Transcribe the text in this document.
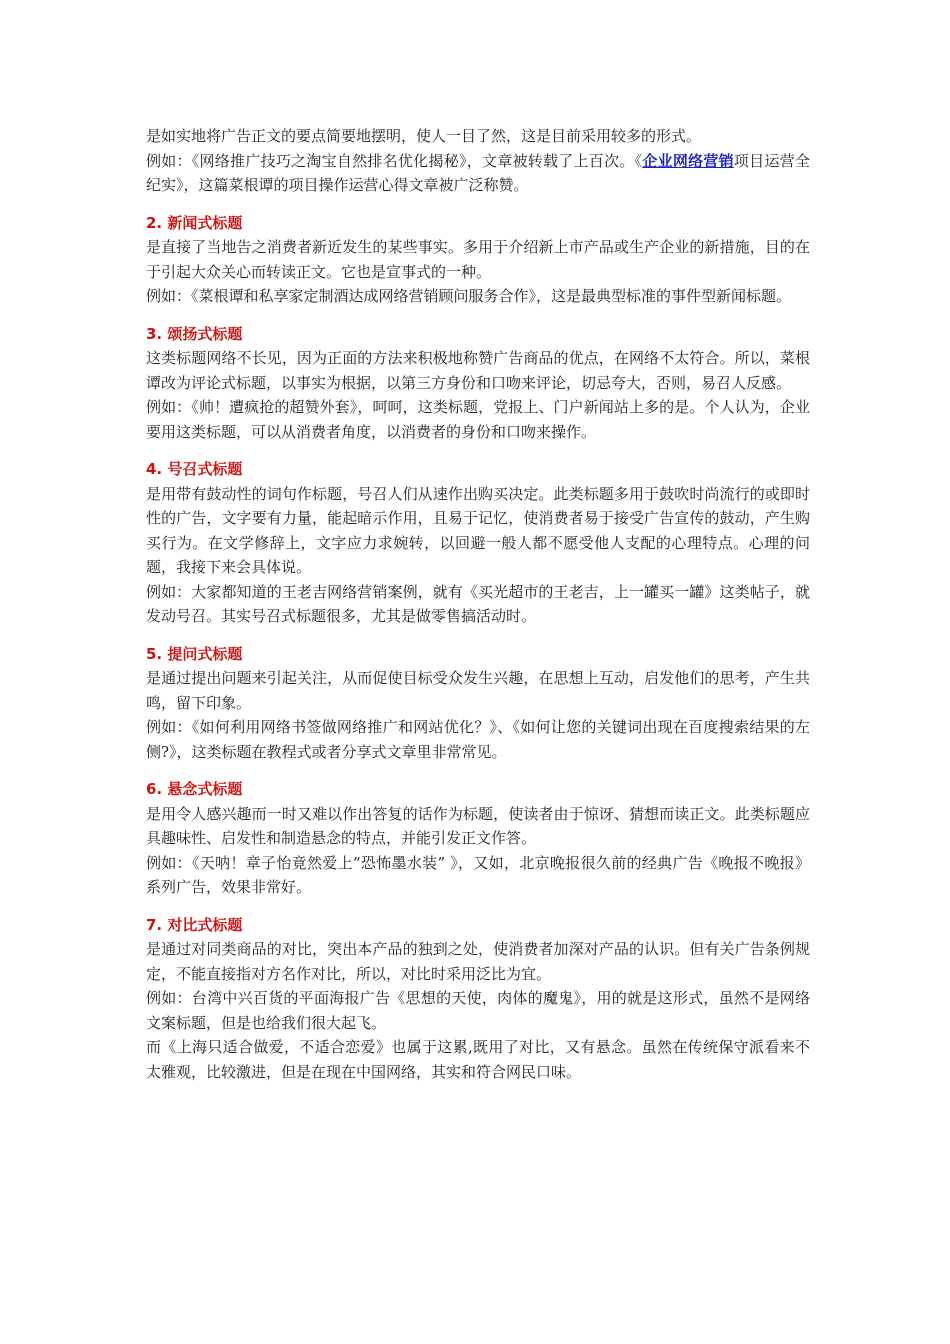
是如实地将广告正文的要点简要地摆明，使人一目了然，这是目前采用较多的形式。

例如：《网络推广技巧之淘宝自然排名优化揭秘》，文章被转载了上百次。《企业网络营销项目运营全纪实》，这篇菜根谭的项目操作运营心得文章被广泛称赞。

2. 新闻式标题

是直接了当地告之消费者新近发生的某些事实。多用于介绍新上市产品或生产企业的新措施，目的在于引起大众关心而转读正文。它也是宣事式的一种。

例如：《菜根谭和私享家定制酒达成网络营销顾问服务合作》，这是最典型标准的事件型新闻标题。

3. 颂扬式标题

这类标题网络不长见，因为正面的方法来积极地称赞广告商品的优点，在网络不太符合。所以，菜根谭改为评论式标题，以事实为根据，以第三方身份和口吻来评论，切忌夸大，否则，易召人反感。

例如：《帅！遭疯抢的超赞外套》，呵呵，这类标题，党报上、门户新闻站上多的是。个人认为，企业要用这类标题，可以从消费者角度，以消费者的身份和口吻来操作。

4. 号召式标题

是用带有鼓动性的词句作标题，号召人们从速作出购买决定。此类标题多用于鼓吹时尚流行的或即时性的广告，文字要有力量，能起暗示作用，且易于记忆，使消费者易于接受广告宣传的鼓动，产生购买行为。在文学修辞上，文字应力求婉转，以回避一般人都不愿受他人支配的心理特点。心理的问题，我接下来会具体说。

例如：大家都知道的王老吉网络营销案例，就有《买光超市的王老吉，上一罐买一罐》这类帖子，就发动号召。其实号召式标题很多，尤其是做零售搞活动时。

5. 提问式标题

是通过提出问题来引起关注，从而促使目标受众发生兴趣，在思想上互动，启发他们的思考，产生共鸣，留下印象。

例如：《如何利用网络书签做网络推广和网站优化？》、《如何让您的关键词出现在百度搜索结果的左侧?》，这类标题在教程式或者分享式文章里非常常见。

6. 悬念式标题

是用令人感兴趣而一时又难以作出答复的话作为标题，使读者由于惊讶、猜想而读正文。此类标题应具趣味性、启发性和制造悬念的特点，并能引发正文作答。

例如：《天呐！章子怡竟然爱上“恐怖墨水装” 》，又如，北京晚报很久前的经典广告《晚报不晚报》系列广告，效果非常好。

7. 对比式标题

是通过对同类商品的对比，突出本产品的独到之处，使消费者加深对产品的认识。但有关广告条例规定，不能直接指对方名作对比，所以，对比时采用泛比为宜。

例如：台湾中兴百货的平面海报广告《思想的天使，肉体的魔鬼》，用的就是这形式，虽然不是网络文案标题，但是也给我们很大起飞。

而《上海只适合做爱，不适合恋爱》也属于这累,既用了对比，又有悬念。虽然在传统保守派看来不太雅观，比较激进，但是在现在中国网络，其实和符合网民口味。
